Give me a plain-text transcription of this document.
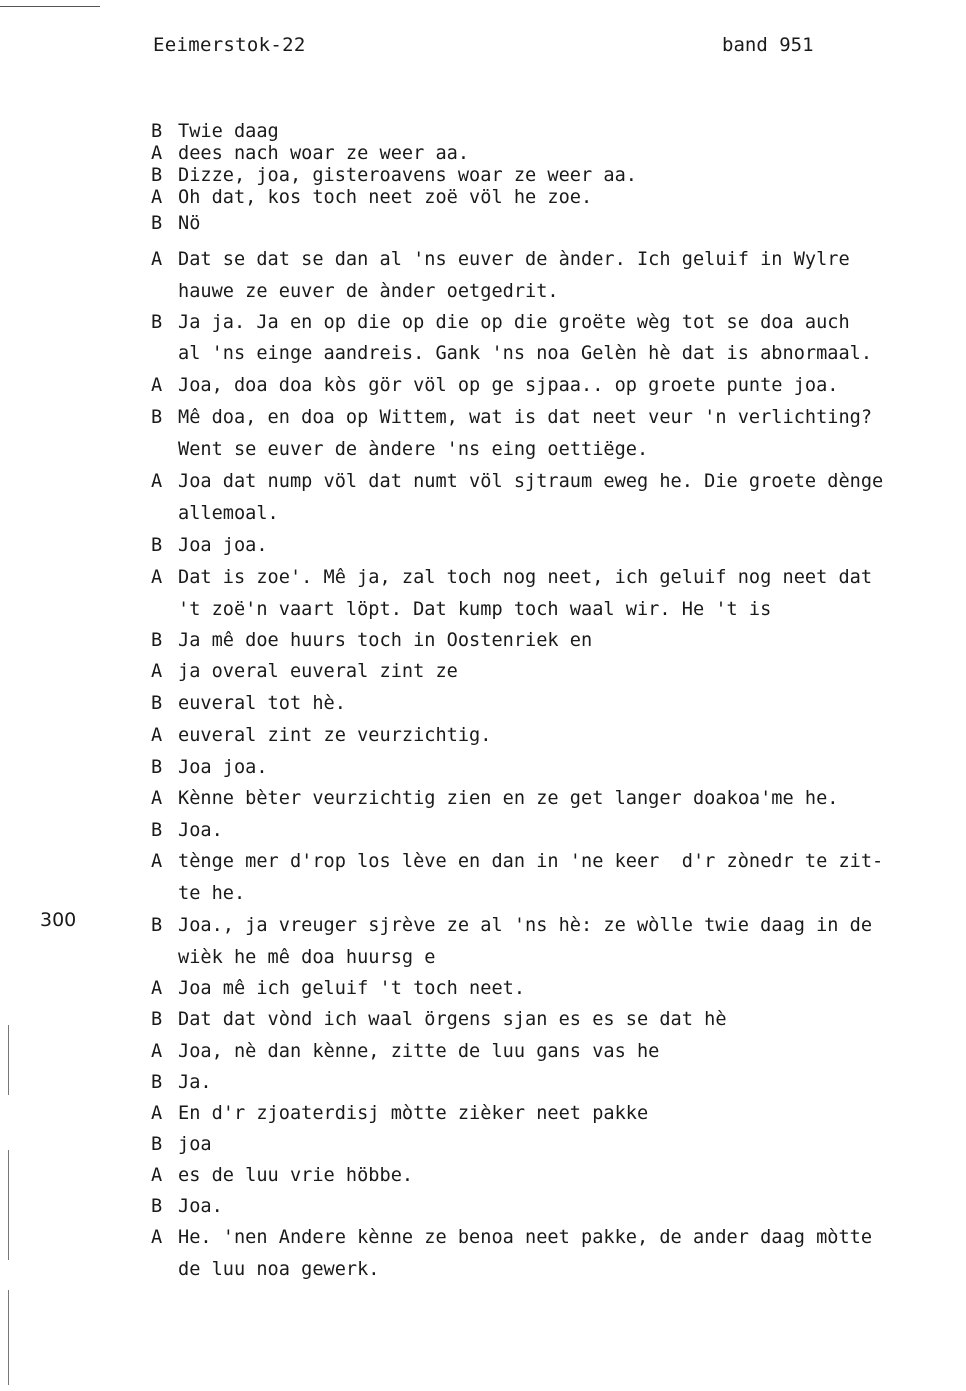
Eeimerstok-22	band 951
300
B Twie daag
A dees nach woar ze weer aa.
B Dizze, joa, gisteroavens woar ze weer aa.
A Oh dat, kos toch neet zoë völ he zoe.
B Nö
A Dat se dat se dan al 'ns euver de ànder. Ich geluif in Wylre
hauwe ze euver de ànder oetgedrit.
B Ja ja. Ja en op die op die op die groëte wèg tot se doa auch
al 'ns einge aandreis. Gank 'ns noa Gelèn hè dat is abnormaal.
A Joa, doa doa kòs gör völ op ge sjpaa.. op groete punte joa.
B Mê doa, en doa op Wittem, wat is dat neet veur 'n verlichting?
Went se euver de àndere 'ns eing oettiëge.
A Joa dat nump völ dat numt völ sjtraum eweg he. Die groete dènge
allemoal.
B Joa joa.
A Dat is zoe'. Mê ja, zal toch nog neet, ich geluif nog neet dat
't zoë'n vaart löpt. Dat kump toch waal wir. He 't is
B Ja mê doe huurs toch in Oostenriek en
A ja overal euveral zint ze
B euveral tot hè.
A euveral zint ze veurzichtig.
B Joa joa.
A Kènne bèter veurzichtig zien en ze get langer doakoa'me he.
B Joa.
A tènge mer d'rop los lève en dan in 'ne keer  d'r zònedr te zit-
te he.
B Joa., ja vreuger sjrève ze al 'ns hè: ze wòlle twie daag in de
wièk he mê doa huursg e
A Joa mê ich geluif 't toch neet.
B Dat dat vònd ich waal örgens sjan es es se dat hè
A Joa, nè dan kènne, zitte de luu gans vas he
B Ja.
A En d'r zjoaterdisj mòtte zièker neet pakke
B joa
A es de luu vrie höbbe.
B Joa.
A He. 'nen Andere kènne ze benoa neet pakke, de ander daag mòtte
de luu noa gewerk.
